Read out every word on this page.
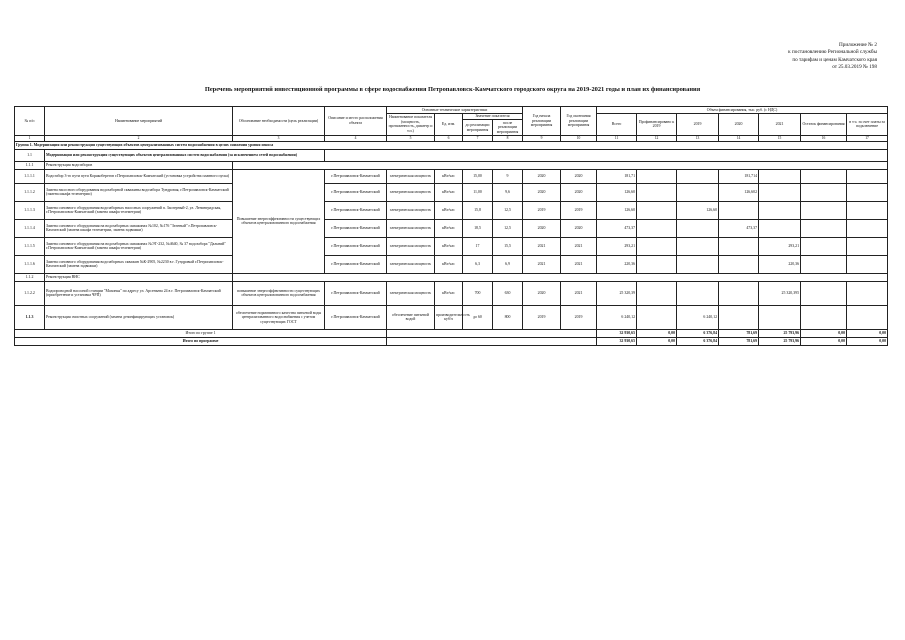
Приложение № 2
к постановлению Региональной службы
по тарифам и ценам Камчатского края
от 25.03.2019 № 198
Перечень мероприятий инвестиционной программы в сфере водоснабжения Петропавловск-Камчатского городского округа на 2019-2021 годы и план их финансирования
№ п/п	Наименование мероприятий	Обоснование необходимости (цель реализации)	Описание и место расположения объекта	Основные технические характеристики				Год начала реализации мероприятия	Год окончания реализации мероприятия	Объем финансирования, тыс. руб. (с НДС)						
				Наименование показателя (мощность, протяженность, диаметр и т.п.)	Ед. изм.	Значение показателя				Всего	Профинансировано к 2019	2019	2020	2021	Остаток финансирования	в т.ч. за счет платы за подключение
						до реализации мероприятия	после реализации мероприятия									
1	2	3	4	5	6	7	8	9	10	11	12	13	14	15	16	17
Группа 1. Модернизация или реконструкция существующих объектов централизованных систем водоснабжения в целях снижения уровня износа																
1.1	Модернизация или реконструкция существующих объектов централизованных систем водоснабжения (за исключением сетей водоснабжения)															
1.1.1	Реконструкция водозаборов															
1.1.1.1	Водозабор 3-го пути пути Корякоберегов г.Петропавловск-Камчатский (установка устройства плавного пуска)	Повышение энергоэффективности существующих объектов централизованного водоснабжения	г.Петропавловск-Камчатский	электрическая мощность	кВт/час	15,00	9	2020	2020	181,71			181,714			
1.1.1.2	Замена насосного оборудования водозаборной скважины водозабора Тундровая, г.Петропавловск-Камчатский (замена шкафа телеметрии)		г.Петропавловск-Камчатский	электрическая мощность	кВт/час	11,00	9,6	2020	2020	126,60			126,602			
1.1.1.3	Замена основного оборудования водозаборных насосных сооружений п. Заозерный-2, ул. Ленинградская, г.Петропавловск-Камчатский (замена шкафа телеметрии)		г.Петропавловск-Камчатский	электрическая мощность	кВт/час	15,8	12,5	2019	2019	126,60		126,60				
1.1.1.4	Замена основного оборудования на водозаборных скважинах №102, №176 "Зеленый" г.Петропавловск-Камчатский (замена шкафа телеметрии, замена задвижки)		г.Петропавловск-Камчатский	электрическая мощность	кВт/час	18,5	12,5	2020	2020	473,37			473,37			
1.1.1.5	Замена основного оборудования на водозаборных скважинах №ЭТ-232, №4640, № 37 водозабора "Дальний" г.Петропавловск-Камчатский (замена шкафа телеметрии)		г.Петропавловск-Камчатский	электрическая мощность	кВт/час	17	15,5	2021	2021	293,21				293,21		
1.1.1.6	Замена основного оборудования водозаборных скважин №К-2905, №2230 в г. Гундровый г.Петропавловск-Камчатский (замена задвижки)		г.Петропавловск-Камчатский	электрическая мощность	кВт/час	6,3	6,9	2021	2021	220,36				220,36		
1.1.2	Реконструкция ВНС															
1.1.2.2	Водопроводной насосной станции "Махонья" по адресу ул. Арсеньева 24 в г. Петропавловск-Камчатский (приобретение и установка ЧРП)	повышение энергоэффективности существующих объектов централизованного водоснабжения	г.Петропавловск-Камчатский	электрическая мощность	кВт/час	700	630	2020	2021	25 320,39				25 320,395		
1.1.3	Реконструкция очистных сооружений (замена дезинфицирующих установок)	обеспечение нормативного качества питьевой воды централизованного водоснабжения с учетом существующих ГОСТ	г.Петропавловск-Камчатский	обеспечение питьевой водой	производительность куб/ч	до 60	800	2019	2019	6 240,12		6 240,12				
Итого по группе 1										32 930,65	0,00	6 376,84	781,69	25 793,96	0,00	0,00
Итого по программе										32 930,65	0,00	6 376,84	781,69	25 793,96	0,00	0,00
